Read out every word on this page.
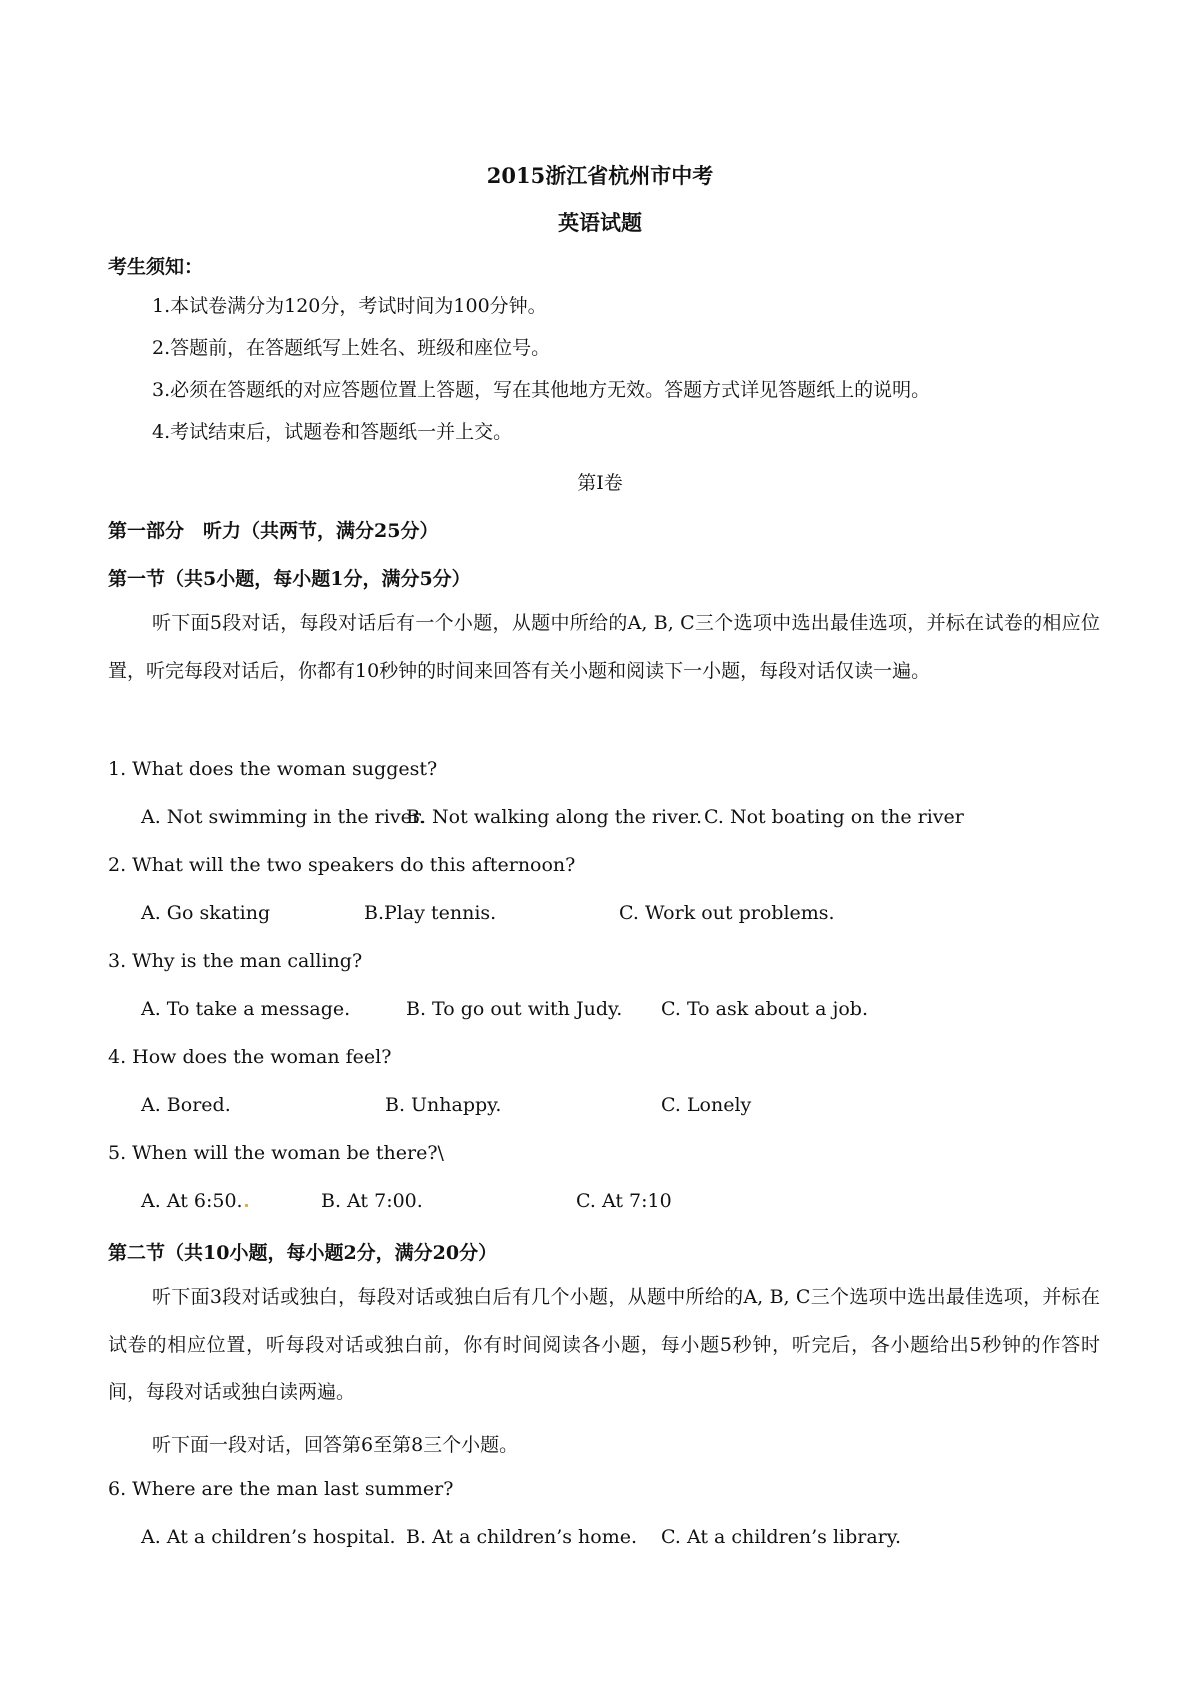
2015浙江省杭州市中考
英语试题
考生须知：
1.本试卷满分为120分，考试时间为100分钟。
2.答题前，在答题纸写上姓名、班级和座位号。
3.必须在答题纸的对应答题位置上答题，写在其他地方无效。答题方式详见答题纸上的说明。
4.考试结束后，试题卷和答题纸一并上交。
第I卷
第一部分　听力（共两节，满分25分）
第一节（共5小题，每小题1分，满分5分）
听下面5段对话，每段对话后有一个小题，从题中所给的A, B, C三个选项中选出最佳选项，并标在试卷的相应位置，听完每段对话后，你都有10秒钟的时间来回答有关小题和阅读下一小题，每段对话仅读一遍。
1. What does the woman suggest?
A. Not swimming in the river.
B. Not walking along the river. C. Not boating on the river
2. What will the two speakers do this afternoon?
A. Go skating	B.Play tennis.	C. Work out problems.
3. Why is the man calling?
A. To take a message.	B. To go out with Judy. C. To ask about a job.
4. How does the woman feel?
A. Bored.	B. Unhappy.	C. Lonely
5. When will the woman be there?\
A. At 6:50.	B. At 7:00.	C. At 7:10
第二节（共10小题，每小题2分，满分20分）
听下面3段对话或独白，每段对话或独白后有几个小题，从题中所给的A, B, C三个选项中选出最佳选项，并标在试卷的相应位置，听每段对话或独白前，你有时间阅读各小题，每小题5秒钟，听完后，各小题给出5秒钟的作答时间，每段对话或独白读两遍。
听下面一段对话，回答第6至第8三个小题。
6. Where are the man last summer?
A. At a children’s hospital. B. At a children’s home. C. At a children’s library.
